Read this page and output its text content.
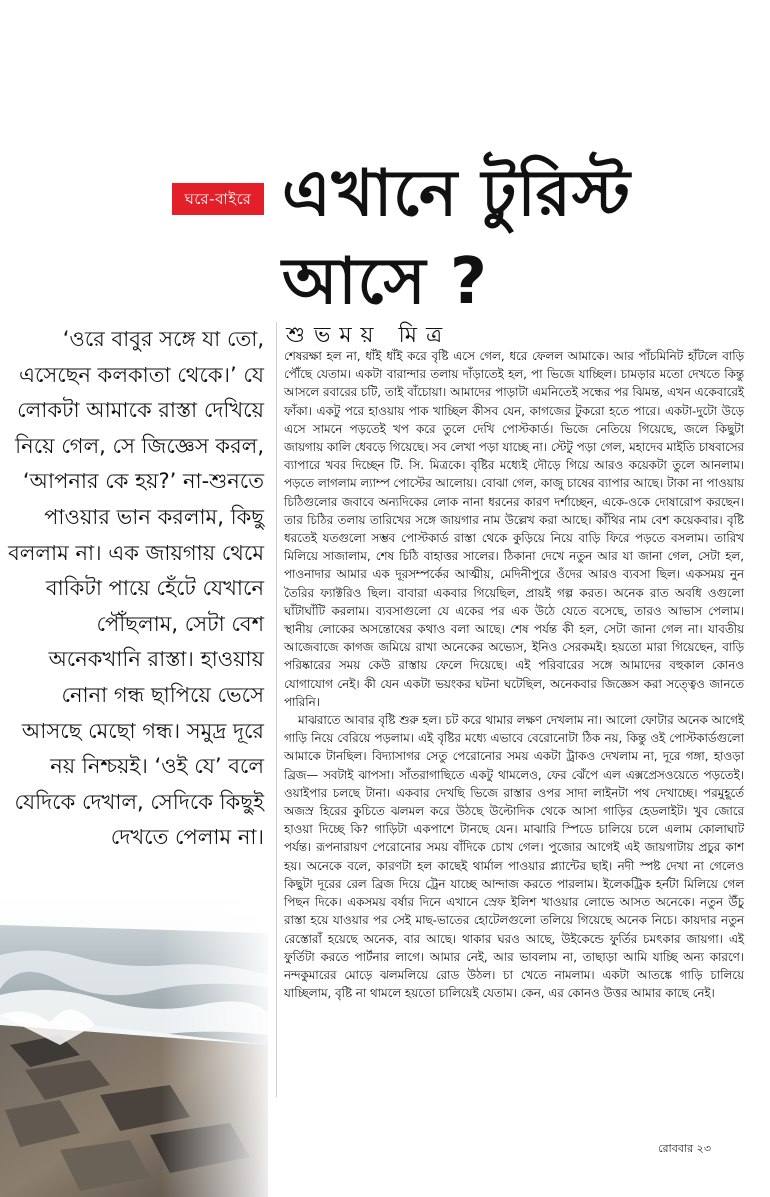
ঘরে-বাইরে এখানে টুরিস্ট
আসে ?
শুভময় মিত্র
‘ওরে বাবুর সঙ্গে যা তো, এসেছেন কলকাতা থেকে।’ যে লোকটা আমাকে রাস্তা দেখিয়ে নিয়ে গেল, সে জিজ্ঞেস করল, ‘আপনার কে হয়?’ না-শুনতে পাওয়ার ভান করলাম, কিছু বললাম না। এক জায়গায় থেমে বাকিটা পায়ে হেঁটে যেখানে পৌঁছলাম, সেটা বেশ অনেকখানি রাস্তা। হাওয়ায় নোনা গন্ধ ছাপিয়ে ভেসে আসছে মেছো গন্ধ। সমুদ্র দূরে নয় নিশ্চয়ই। ‘ওই যে’ বলে যেদিকে দেখাল, সেদিকে কিছুই দেখতে পেলাম না।

শেষরক্ষা হল না, ধাঁই ধাঁই করে বৃষ্টি এসে গেল, ধরে ফেলল আমাকে। আর পাঁচমিনিট হাঁটলে বাড়ি পৌঁছে যেতাম। একটা বারান্দার তলায় দাঁড়াতেই হল, পা ভিজে যাচ্ছিল। চামড়ার মতো দেখতে কিন্তু আসলে রবারের চটি, তাই বাঁচোয়া। আমাদের পাড়াটা এমনিতেই সন্ধের পর ঝিমন্ত, এখন একেবারেই ফাঁকা। একটু পরে হাওয়ায় পাক খাচ্ছিল কীসব যেন, কাগজের টুকরো হতে পারে। একটা-দুটো উড়ে এসে সামনে পড়তেই খপ করে তুলে দেখি পোস্টকার্ড। ভিজে নেতিয়ে গিয়েছে, জলে কিছুটা জায়গায় কালি ধেবড়ে গিয়েছে। সব লেখা পড়া যাচ্ছে না। স্টেটু পড়া গেল, মহাদেব মাইতি চাষবাসের ব্যাপারে খবর দিচ্ছেন টি. সি. মিত্রকে। বৃষ্টির মধ্যেই দৌড়ে গিয়ে আরও কয়েকটা তুলে আনলাম। পড়তে লাগলাম ল্যাম্প পোস্টের আলোয়। বোঝা গেল, কাজু চাষের ব্যাপার আছে। টাকা না পাওয়ায় চিঠিগুলোর জবাবে অন্যদিকের লোক নানা ধরনের কারণ দর্শাচ্ছেন, একে-ওকে দোষারোপ করছেন। তার চিঠির তলায় তারিখের সঙ্গে জায়গার নাম উল্লেখ করা আছে। কাঁথির নাম বেশ কয়েকবার। বৃষ্টি ধরতেই যতগুলো সম্ভব পোস্টকার্ড রাস্তা থেকে কুড়িয়ে নিয়ে বাড়ি ফিরে পড়তে বসলাম। তারিখ মিলিয়ে সাজালাম, শেষ চিঠি বাহাত্তর সালের। ঠিকানা দেখে নতুন আর যা জানা গেল, সেটা হল, পাওনাদার আমার এক দূরসম্পর্কের আত্মীয়, মেদিনীপুরে ওঁদের আরও ব্যবসা ছিল। একসময় নুন তৈরির ফ্যাক্টরিও ছিল। বাবারা একবার গিয়েছিল, প্রায়ই গল্প করত। অনেক রাত অবধি ওগুলো ঘাঁটাঘাঁটি করলাম। ব্যবসাগুলো যে একের পর এক উঠে যেতে বসেছে, তারও আভাস পেলাম। স্থানীয় লোকের অসন্তোষের কথাও বলা আছে। শেষ পর্যন্ত কী হল, সেটা জানা গেল না। যাবতীয় আজেবাজে কাগজ জমিয়ে রাখা অনেকের অভ্যেস, ইনিও সেরকমই। হয়তো মারা গিয়েছেন, বাড়ি পরিষ্কারের সময় কেউ রাস্তায় ফেলে দিয়েছে। এই পরিবারের সঙ্গে আমাদের বহুকাল কোনও যোগাযোগ নেই। কী যেন একটা ভয়ংকর ঘটনা ঘটেছিল, অনেকবার জিজ্ঞেস করা সত্ত্বেও জানতে পারিনি।

মাঝরাতে আবার বৃষ্টি শুরু হল। চট করে থামার লক্ষণ দেখলাম না। আলো ফোটার অনেক আগেই গাড়ি নিয়ে বেরিয়ে পড়লাম। এই বৃষ্টির মধ্যে এভাবে বেরোনোটা ঠিক নয়, কিন্তু ওই পোস্টকার্ডগুলো আমাকে টানছিল। বিদ্যাসাগর সেতু পেরোনোর সময় একটা ট্রাকও দেখলাম না, দূরে গঙ্গা, হাওড়া ব্রিজ— সবটাই ঝাপসা। সাঁতরাগাছিতে একটু থামলেও, ফের ঝেঁপে এল এক্সপ্রেসওয়েতে পড়তেই। ওয়াইপার চলছে টানা। একবার দেখছি ভিজে রাস্তার ওপর সাদা লাইনটা পথ দেখাচ্ছে। পরমুহূর্তে অজস্র হিরের কুচিতে ঝলমল করে উঠছে উল্টোদিক থেকে আসা গাড়ির হেডলাইট। খুব জোরে হাওয়া দিচ্ছে কি? গাড়িটা একপাশে টানছে যেন। মাঝারি স্পিডে চালিয়ে চলে এলাম কোলাঘাট পর্যন্ত। রূপনারায়ণ পেরোনোর সময় বাঁদিকে চোখ গেল। পুজোর আগেই এই জায়গাটায় প্রচুর কাশ হয়। অনেকে বলে, কারণটা হল কাছেই থার্মাল পাওয়ার প্ল্যান্টের ছাই। নদী স্পষ্ট দেখা না গেলেও কিছুটা দূরের রেল ব্রিজ দিয়ে ট্রেন যাচ্ছে আন্দাজ করতে পারলাম। ইলেকট্রিক হর্নটা মিলিয়ে গেল পিছন দিকে। একসময় বর্ষার দিনে এখানে স্রেফ ইলিশ খাওয়ার লোভে আসত অনেকে। নতুন উঁচু রাস্তা হয়ে যাওয়ার পর সেই মাছ-ভাতের হোটেলগুলো তলিয়ে গিয়েছে অনেক নিচে। কায়দার নতুন রেস্তোরাঁ হয়েছে অনেক, বার আছে। থাকার ঘরও আছে, উইকেন্ডে ফুর্তির চমৎকার জায়গা। এই ফুর্তিটা করতে পার্টনার লাগে। আমার নেই, আর ভাবলাম না, তাছাড়া আমি যাচ্ছি অন্য কারণে। নন্দকুমারের মোড়ে ঝলমলিয়ে রোড উঠল। চা খেতে নামলাম। একটা আতঙ্কে গাড়ি চালিয়ে যাচ্ছিলাম, বৃষ্টি না থামলে হয়তো চালিয়েই যেতাম। কেন, এর কোনও উত্তর আমার কাছে নেই।

রোববার ২৩
